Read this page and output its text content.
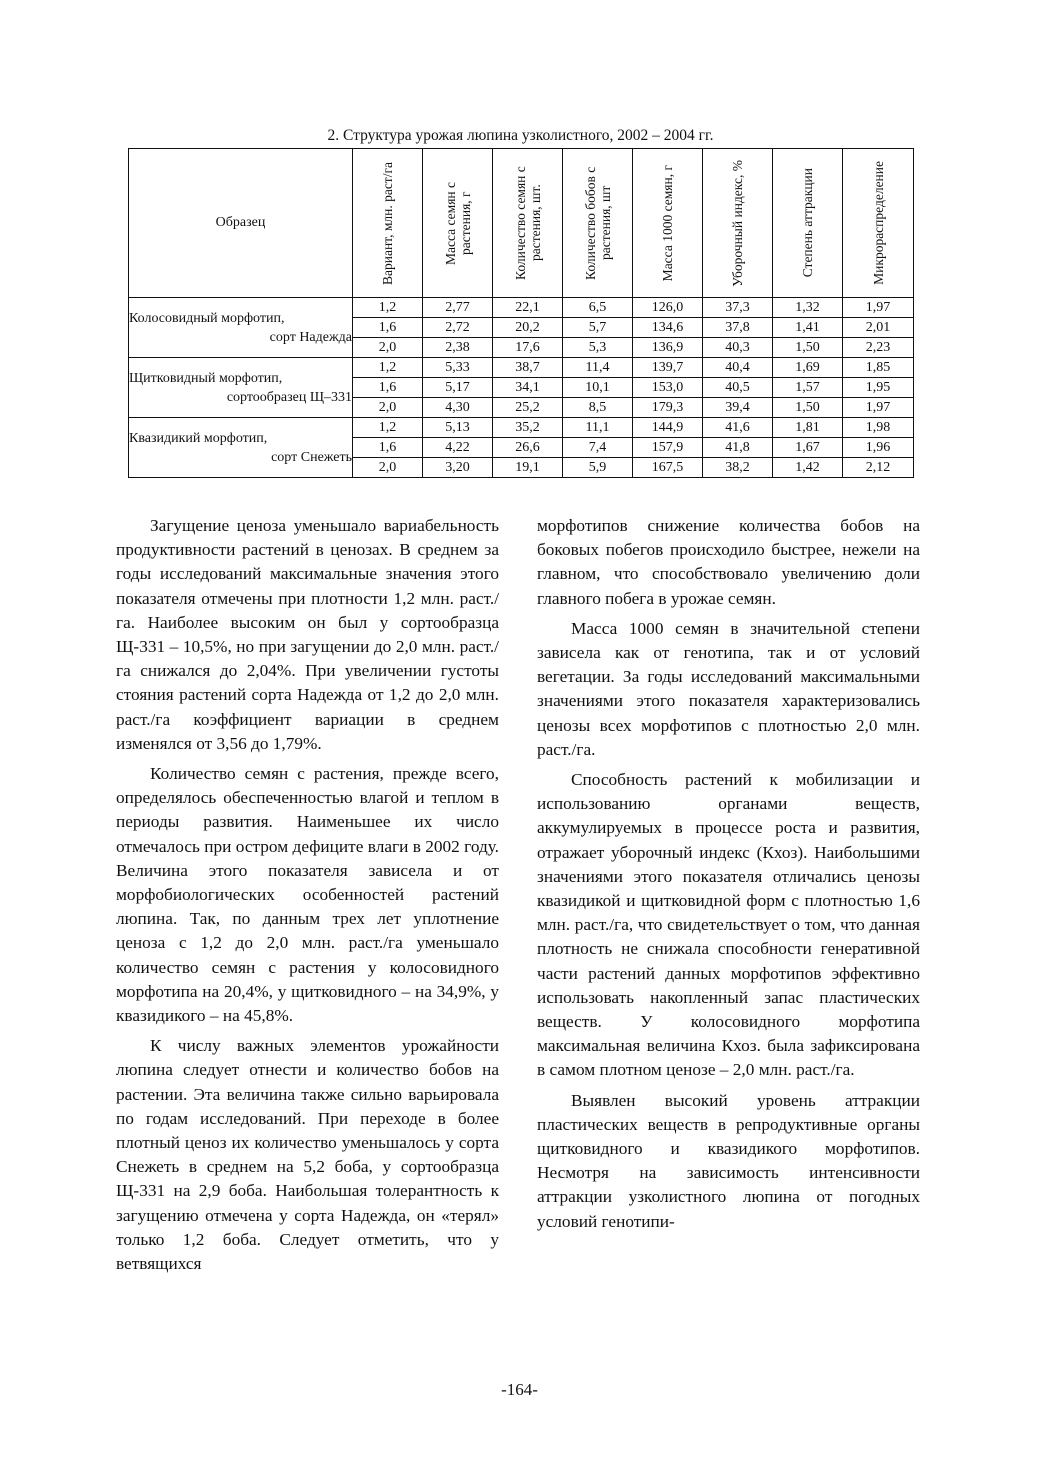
2. Структура урожая люпина узколистного, 2002 – 2004 гг.
Образец	Вариант, млн. раст/га	Масса семян с растения, г	Количество семян с растения, шт.	Количество бобов с растения, шт	Масса 1000 семян, г	Уборочный индекс, %	Степень аттракции	Микрораспределение

Колосовидный морфотип,
сорт Надежда	1,2	2,77	22,1	6,5	126,0	37,3	1,32	1,97
	1,6	2,72	20,2	5,7	134,6	37,8	1,41	2,01
	2,0	2,38	17,6	5,3	136,9	40,3	1,50	2,23
Щитковидный морфотип,
сортообразец Щ–331	1,2	5,33	38,7	11,4	139,7	40,4	1,69	1,85
	1,6	5,17	34,1	10,1	153,0	40,5	1,57	1,95
	2,0	4,30	25,2	8,5	179,3	39,4	1,50	1,97
Квазидикий морфотип,
сорт Снежеть	1,2	5,13	35,2	11,1	144,9	41,6	1,81	1,98
	1,6	4,22	26,6	7,4	157,9	41,8	1,67	1,96
	2,0	3,20	19,1	5,9	167,5	38,2	1,42	2,12

Загущение ценоза уменьшало вариабельность продуктивности растений в ценозах. В среднем за годы исследований максимальные значения этого показателя отмечены при плотности 1,2 млн. раст./га. Наиболее высоким он был у сортообразца Щ-331 – 10,5%, но при загущении до 2,0 млн. раст./га снижался до 2,04%. При увеличении густоты стояния растений сорта Надежда от 1,2 до 2,0 млн. раст./га коэффициент вариации в среднем изменялся от 3,56 до 1,79%.

Количество семян с растения, прежде всего, определялось обеспеченностью влагой и теплом в периоды развития. Наименьшее их число отмечалось при остром дефиците влаги в 2002 году. Величина этого показателя зависела и от морфобиологических особенностей растений люпина. Так, по данным трех лет уплотнение ценоза с 1,2 до 2,0 млн. раст./га уменьшало количество семян с растения у колосовидного морфотипа на 20,4%, у щитковидного – на 34,9%, у квазидикого – на 45,8%.

К числу важных элементов урожайности люпина следует отнести и количество бобов на растении. Эта величина также сильно варьировала по годам исследований. При переходе в более плотный ценоз их количество уменьшалось у сорта Снежеть в среднем на 5,2 боба, у сортообразца Щ-331 на 2,9 боба. Наибольшая толерантность к загущению отмечена у сорта Надежда, он «терял» только 1,2 боба. Следует отметить, что у ветвящихся

морфотипов снижение количества бобов на боковых побегов происходило быстрее, нежели на главном, что способствовало увеличению доли главного побега в урожае семян.

Масса 1000 семян в значительной степени зависела как от генотипа, так и от условий вегетации. За годы исследований максимальными значениями этого показателя характеризовались ценозы всех морфотипов с плотностью 2,0 млн. раст./га.

Способность растений к мобилизации и использованию органами веществ, аккумулируемых в процессе роста и развития, отражает уборочный индекс (Кхоз). Наибольшими значениями этого показателя отличались ценозы квазидикой и щитковидной форм с плотностью 1,6 млн. раст./га, что свидетельствует о том, что данная плотность не снижала способности генеративной части растений данных морфотипов эффективно использовать накопленный запас пластических веществ. У колосовидного морфотипа максимальная величина Кхоз. была зафиксирована в самом плотном ценозе – 2,0 млн. раст./га.

Выявлен высокий уровень аттракции пластических веществ в репродуктивные органы щитковидного и квазидикого морфотипов. Несмотря на зависимость интенсивности аттракции узколистного люпина от погодных условий генотипи-

-164-
